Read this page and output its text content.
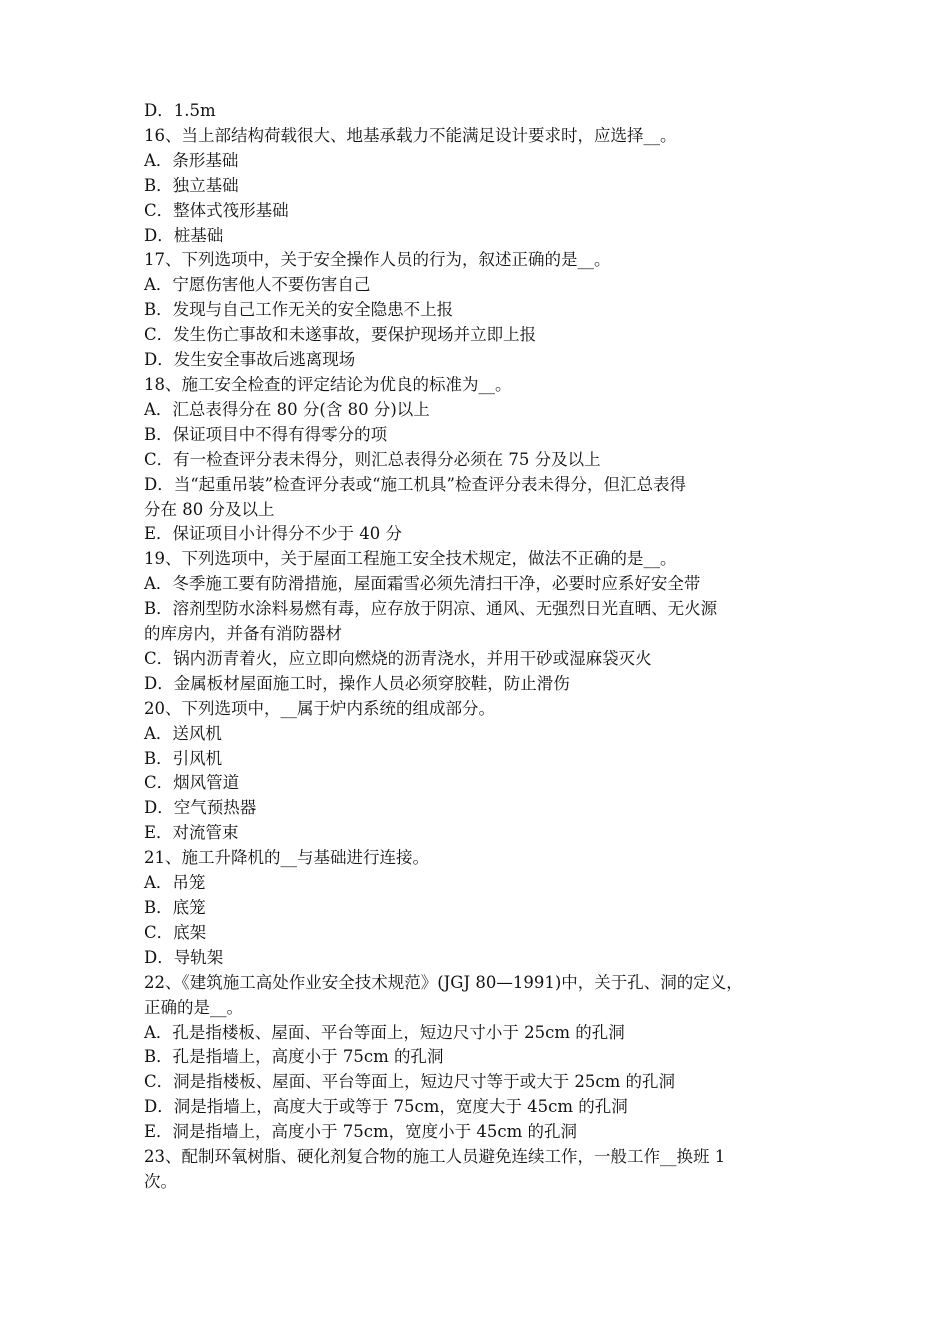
D．1.5m

16、当上部结构荷载很大、地基承载力不能满足设计要求时，应选择__。

A．条形基础

B．独立基础

C．整体式筏形基础

D．桩基础

17、下列选项中，关于安全操作人员的行为，叙述正确的是__。

A．宁愿伤害他人不要伤害自己

B．发现与自己工作无关的安全隐患不上报

C．发生伤亡事故和未遂事故，要保护现场并立即上报

D．发生安全事故后逃离现场

18、施工安全检查的评定结论为优良的标准为__。

A．汇总表得分在 80 分(含 80 分)以上

B．保证项目中不得有得零分的项

C．有一检查评分表未得分，则汇总表得分必须在 75 分及以上

D．当“起重吊装”检查评分表或“施工机具”检查评分表未得分，但汇总表得

分在 80 分及以上

E．保证项目小计得分不少于 40 分

19、下列选项中，关于屋面工程施工安全技术规定，做法不正确的是__。

A．冬季施工要有防滑措施，屋面霜雪必须先清扫干净，必要时应系好安全带

B．溶剂型防水涂料易燃有毒，应存放于阴凉、通风、无强烈日光直晒、无火源

的库房内，并备有消防器材

C．锅内沥青着火，应立即向燃烧的沥青浇水，并用干砂或湿麻袋灭火

D．金属板材屋面施工时，操作人员必须穿胶鞋，防止滑伤

20、下列选项中，__属于炉内系统的组成部分。

A．送风机

B．引风机

C．烟风管道

D．空气预热器

E．对流管束

21、施工升降机的__与基础进行连接。

A．吊笼

B．底笼

C．底架

D．导轨架

22、《建筑施工高处作业安全技术规范》(JGJ 80—1991)中，关于孔、洞的定义，

正确的是__。

A．孔是指楼板、屋面、平台等面上，短边尺寸小于 25cm 的孔洞

B．孔是指墙上，高度小于 75cm 的孔洞

C．洞是指楼板、屋面、平台等面上，短边尺寸等于或大于 25cm 的孔洞

D．洞是指墙上，高度大于或等于 75cm，宽度大于 45cm 的孔洞

E．洞是指墙上，高度小于 75cm，宽度小于 45cm 的孔洞

23、配制环氧树脂、硬化剂复合物的施工人员避免连续工作，一般工作__换班 1

次。
